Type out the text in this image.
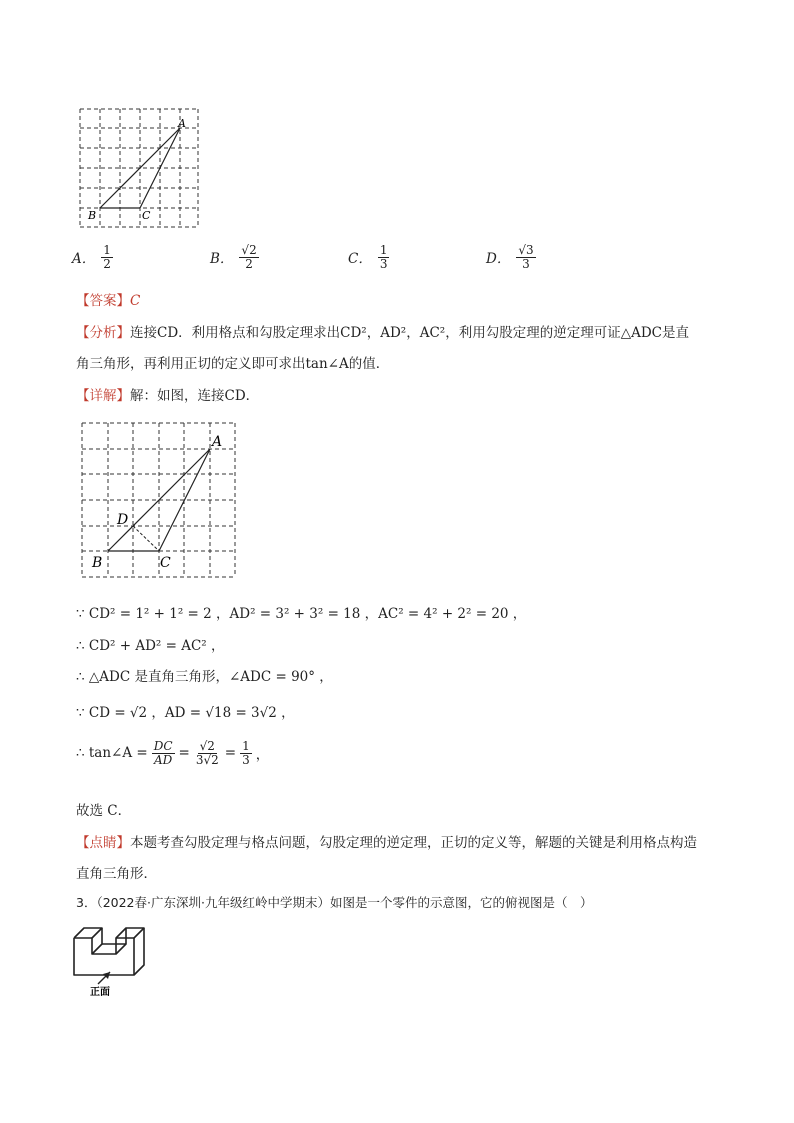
A
B	C
A． $\frac{1}{2}$	B． $\frac{√2}{2}$	C． $\frac{1}{3}$	D． $\frac{√3}{3}$
【答案】C
【分析】连接CD．利用格点和勾股定理求出CD²，AD²，AC²，利用勾股定理的逆定理可证△ADC是直
角三角形，再利用正切的定义即可求出tan∠A的值．
【详解】解：如图，连接CD．
A
B	C
D
∵ CD² = 1² + 1² = 2 ，AD² = 3² + 3² = 18 ，AC² = 4² + 2² = 20 ，
∴ CD² + AD² = AC² ，
∴ △ADC 是直角三角形，∠ADC = 90° ，
∵ CD = √2 ，AD = √18 = 3√2 ，
∴ tan∠A = $\frac{DC}{AD} = \frac{√2}{3√2} = \frac{1}{3}$ ，
故选 C．
【点睛】本题考查勾股定理与格点问题，勾股定理的逆定理，正切的定义等，解题的关键是利用格点构造
直角三角形．
3．（2022春·广东深圳·九年级红岭中学期末）如图是一个零件的示意图，它的俯视图是（　）
正面
